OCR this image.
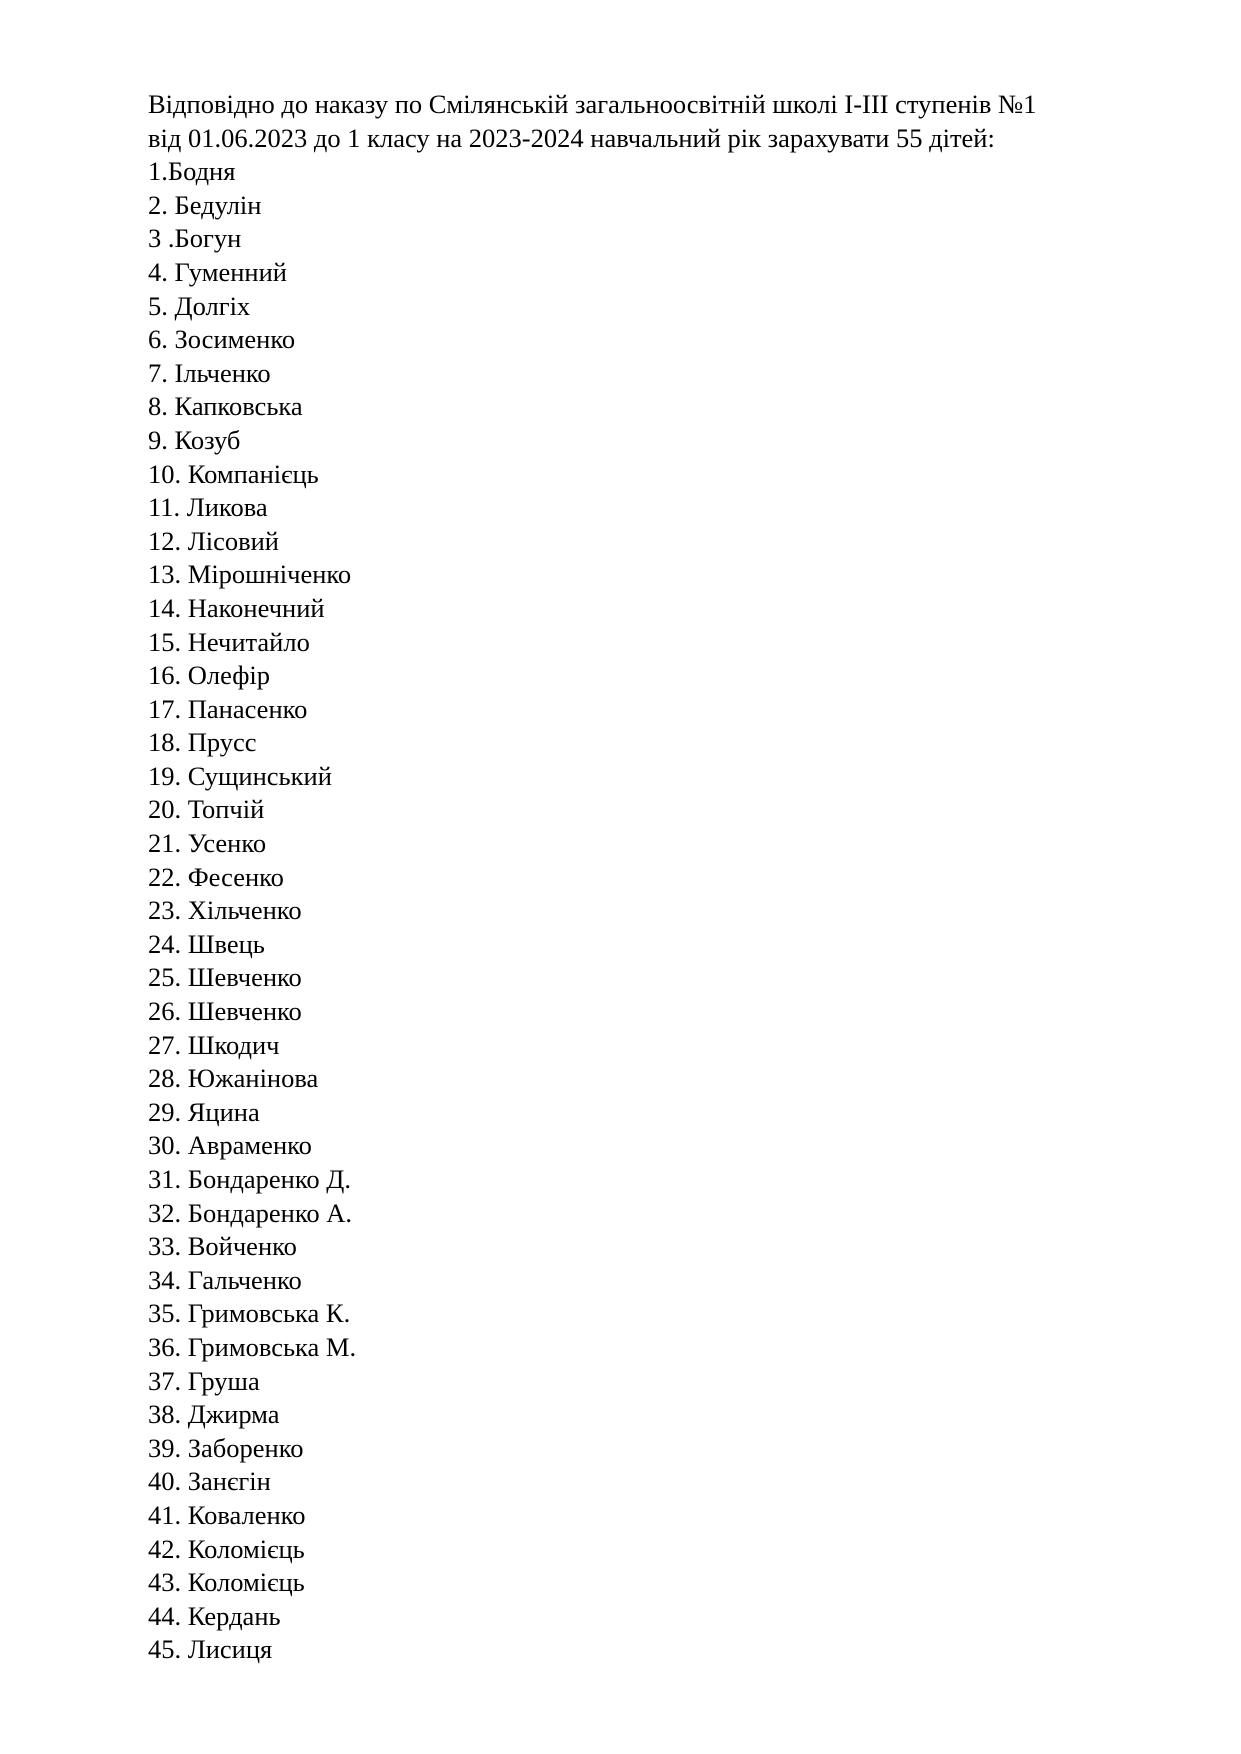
Відповідно до наказу по Смілянській загальноосвітній школі І-ІІІ ступенів №1
від 01.06.2023 до 1 класу на 2023-2024 навчальний рік зарахувати 55 дітей:

1.Бодня
2. Бедулін
3 .Богун
4. Гуменний
5. Долгіх
6. Зосименко
7. Ільченко
8. Капковська
9. Козуб
10. Компанієць
11. Ликова
12. Лісовий
13. Мірошніченко
14. Наконечний
15. Нечитайло
16. Олефір
17. Панасенко
18. Прусс
19. Сущинський
20. Топчій
21. Усенко
22. Фесенко
23. Хільченко
24. Швець
25. Шевченко
26. Шевченко
27. Шкодич
28. Южанінова
29. Яцина
30. Авраменко
31. Бондаренко Д.
32. Бондаренко А.
33. Войченко
34. Гальченко
35. Гримовська К.
36. Гримовська М.
37. Груша
38. Джирма
39. Заборенко
40. Занєгін
41. Коваленко
42. Коломієць
43. Коломієць
44. Кердань
45. Лисиця
